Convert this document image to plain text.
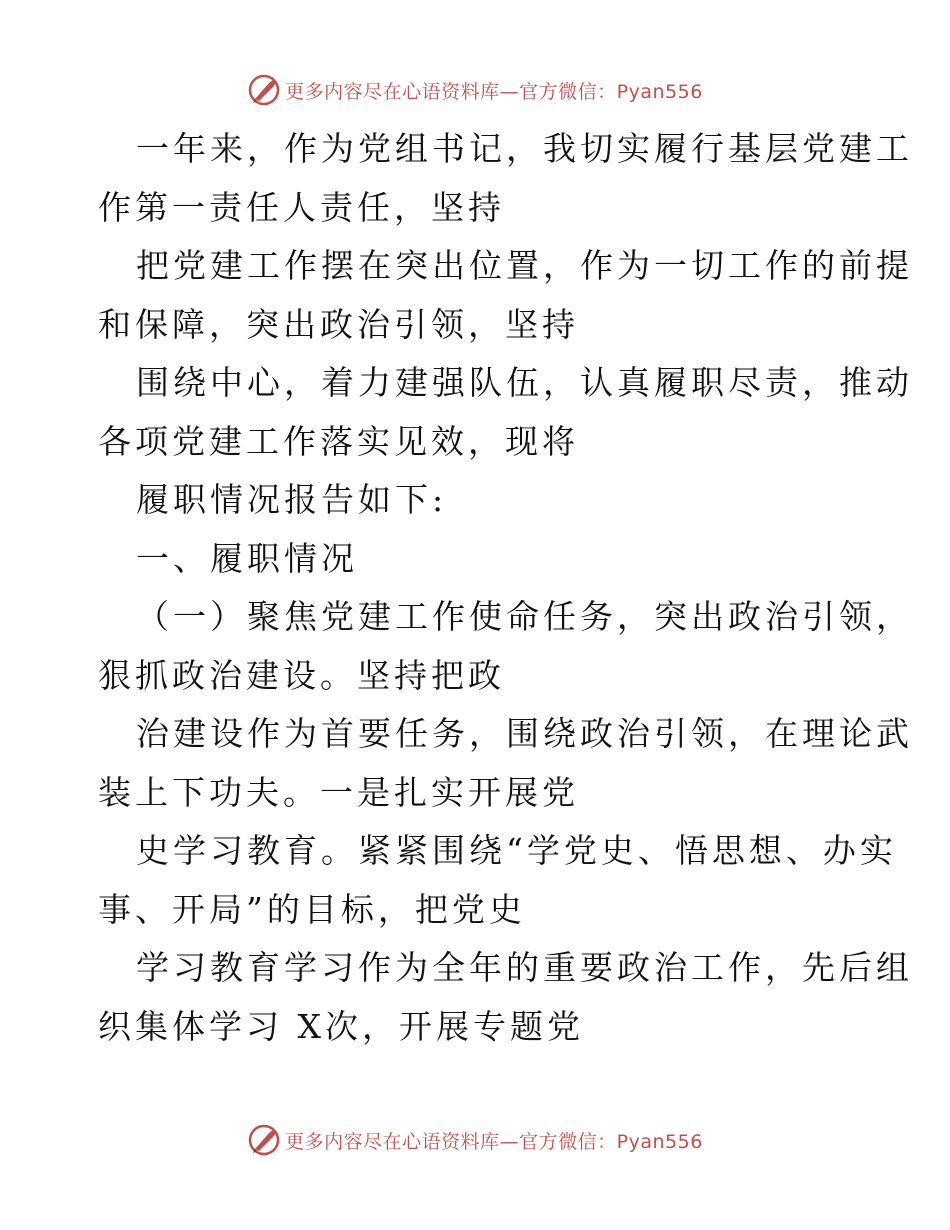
更多内容尽在心语资料库—官方微信：Pyan556
一年来，作为党组书记，我切实履行基层党建工
作第一责任人责任，坚持
把党建工作摆在突出位置，作为一切工作的前提
和保障，突出政治引领，坚持
围绕中心，着力建强队伍，认真履职尽责，推动
各项党建工作落实见效，现将
履职情况报告如下:
一、履职情况
（一）聚焦党建工作使命任务，突出政治引领，
狠抓政治建设。坚持把政
治建设作为首要任务，围绕政治引领，在理论武
装上下功夫。一是扎实开展党
史学习教育。紧紧围绕“学党史、悟思想、办实
事、开局”的目标，把党史
学习教育学习作为全年的重要政治工作，先后组
织集体学习 X次，开展专题党
更多内容尽在心语资料库—官方微信：Pyan556
